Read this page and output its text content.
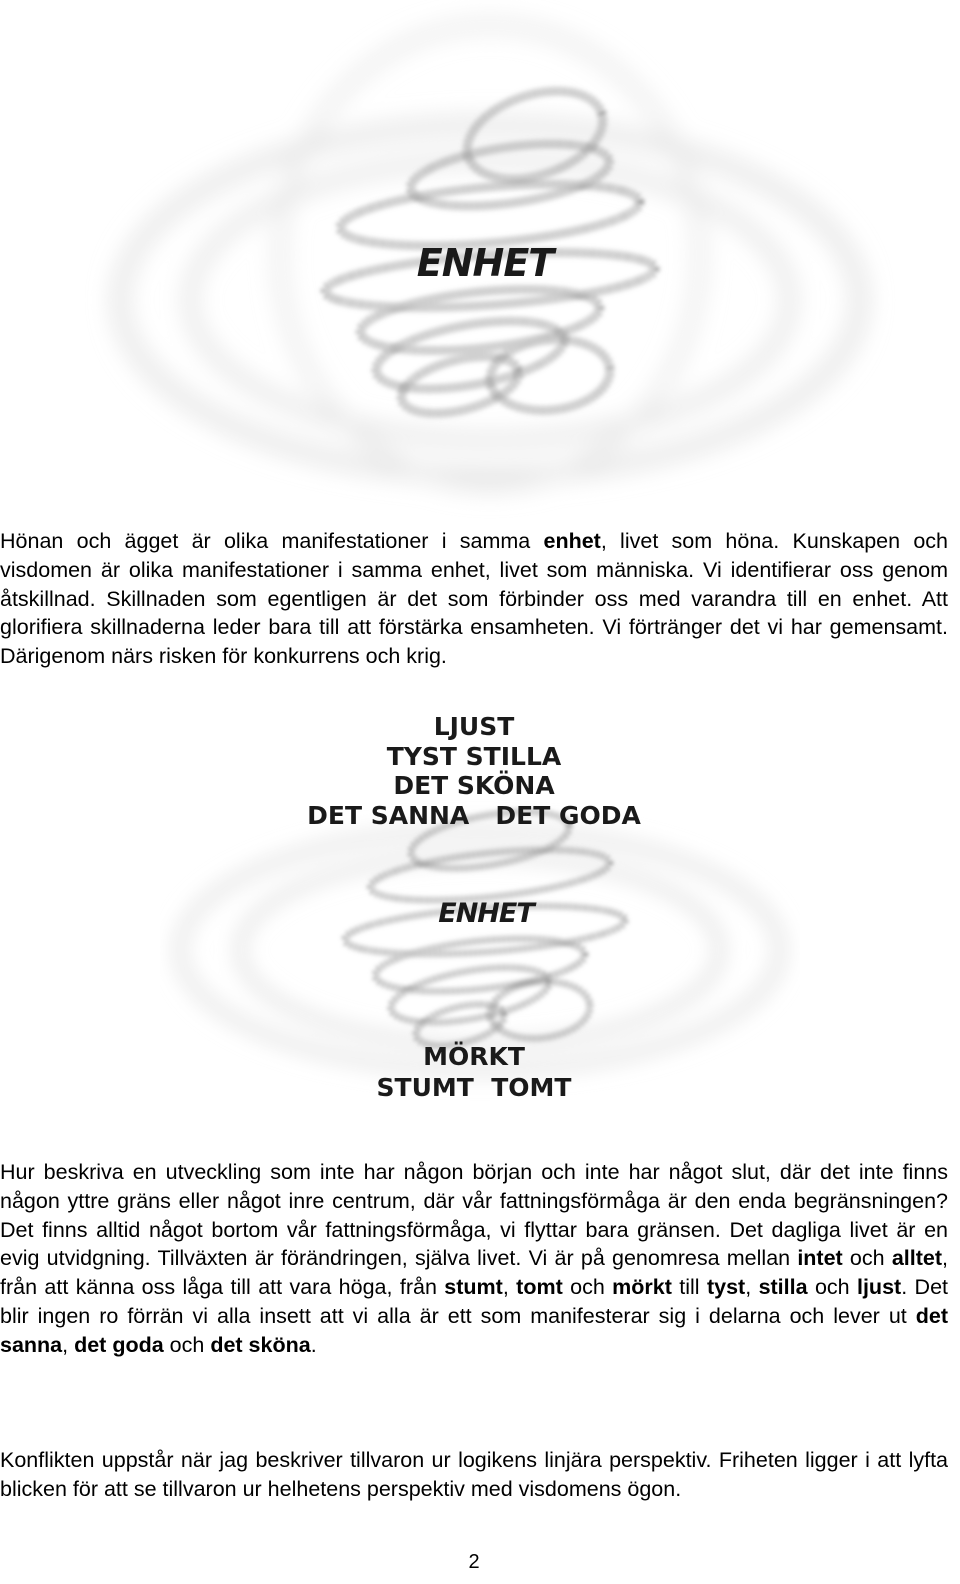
ENHET

Hönan och ägget är olika manifestationer i samma enhet, livet som höna. Kunskapen och visdomen är olika manifestationer i samma enhet, livet som människa. Vi identifierar oss genom åtskillnad. Skillnaden som egentligen är det som förbinder oss med varandra till en enhet. Att glorifiera skillnaderna leder bara till att förstärka ensamheten. Vi förtränger det vi har gemensamt. Därigenom närs risken för konkurrens och krig.

LJUST
TYST STILLA
DET SKÖNA
DET SANNA   DET GODA
ENHET
MÖRKT
STUMT  TOMT

Hur beskriva en utveckling som inte har någon början och inte har något slut, där det inte finns någon yttre gräns eller något inre centrum, där vår fattningsförmåga är den enda begränsningen? Det finns alltid något bortom vår fattningsförmåga, vi flyttar bara gränsen. Det dagliga livet är en evig utvidgning. Tillväxten är förändringen, själva livet. Vi är på genomresa mellan intet och alltet, från att känna oss låga till att vara höga, från stumt, tomt och mörkt till tyst, stilla och ljust. Det blir ingen ro förrän vi alla insett att vi alla är ett som manifesterar sig i delarna och lever ut det sanna, det goda och det sköna.

Konflikten uppstår när jag beskriver tillvaron ur logikens linjära perspektiv. Friheten ligger i att lyfta blicken för att se tillvaron ur helhetens perspektiv med visdomens ögon.

2
